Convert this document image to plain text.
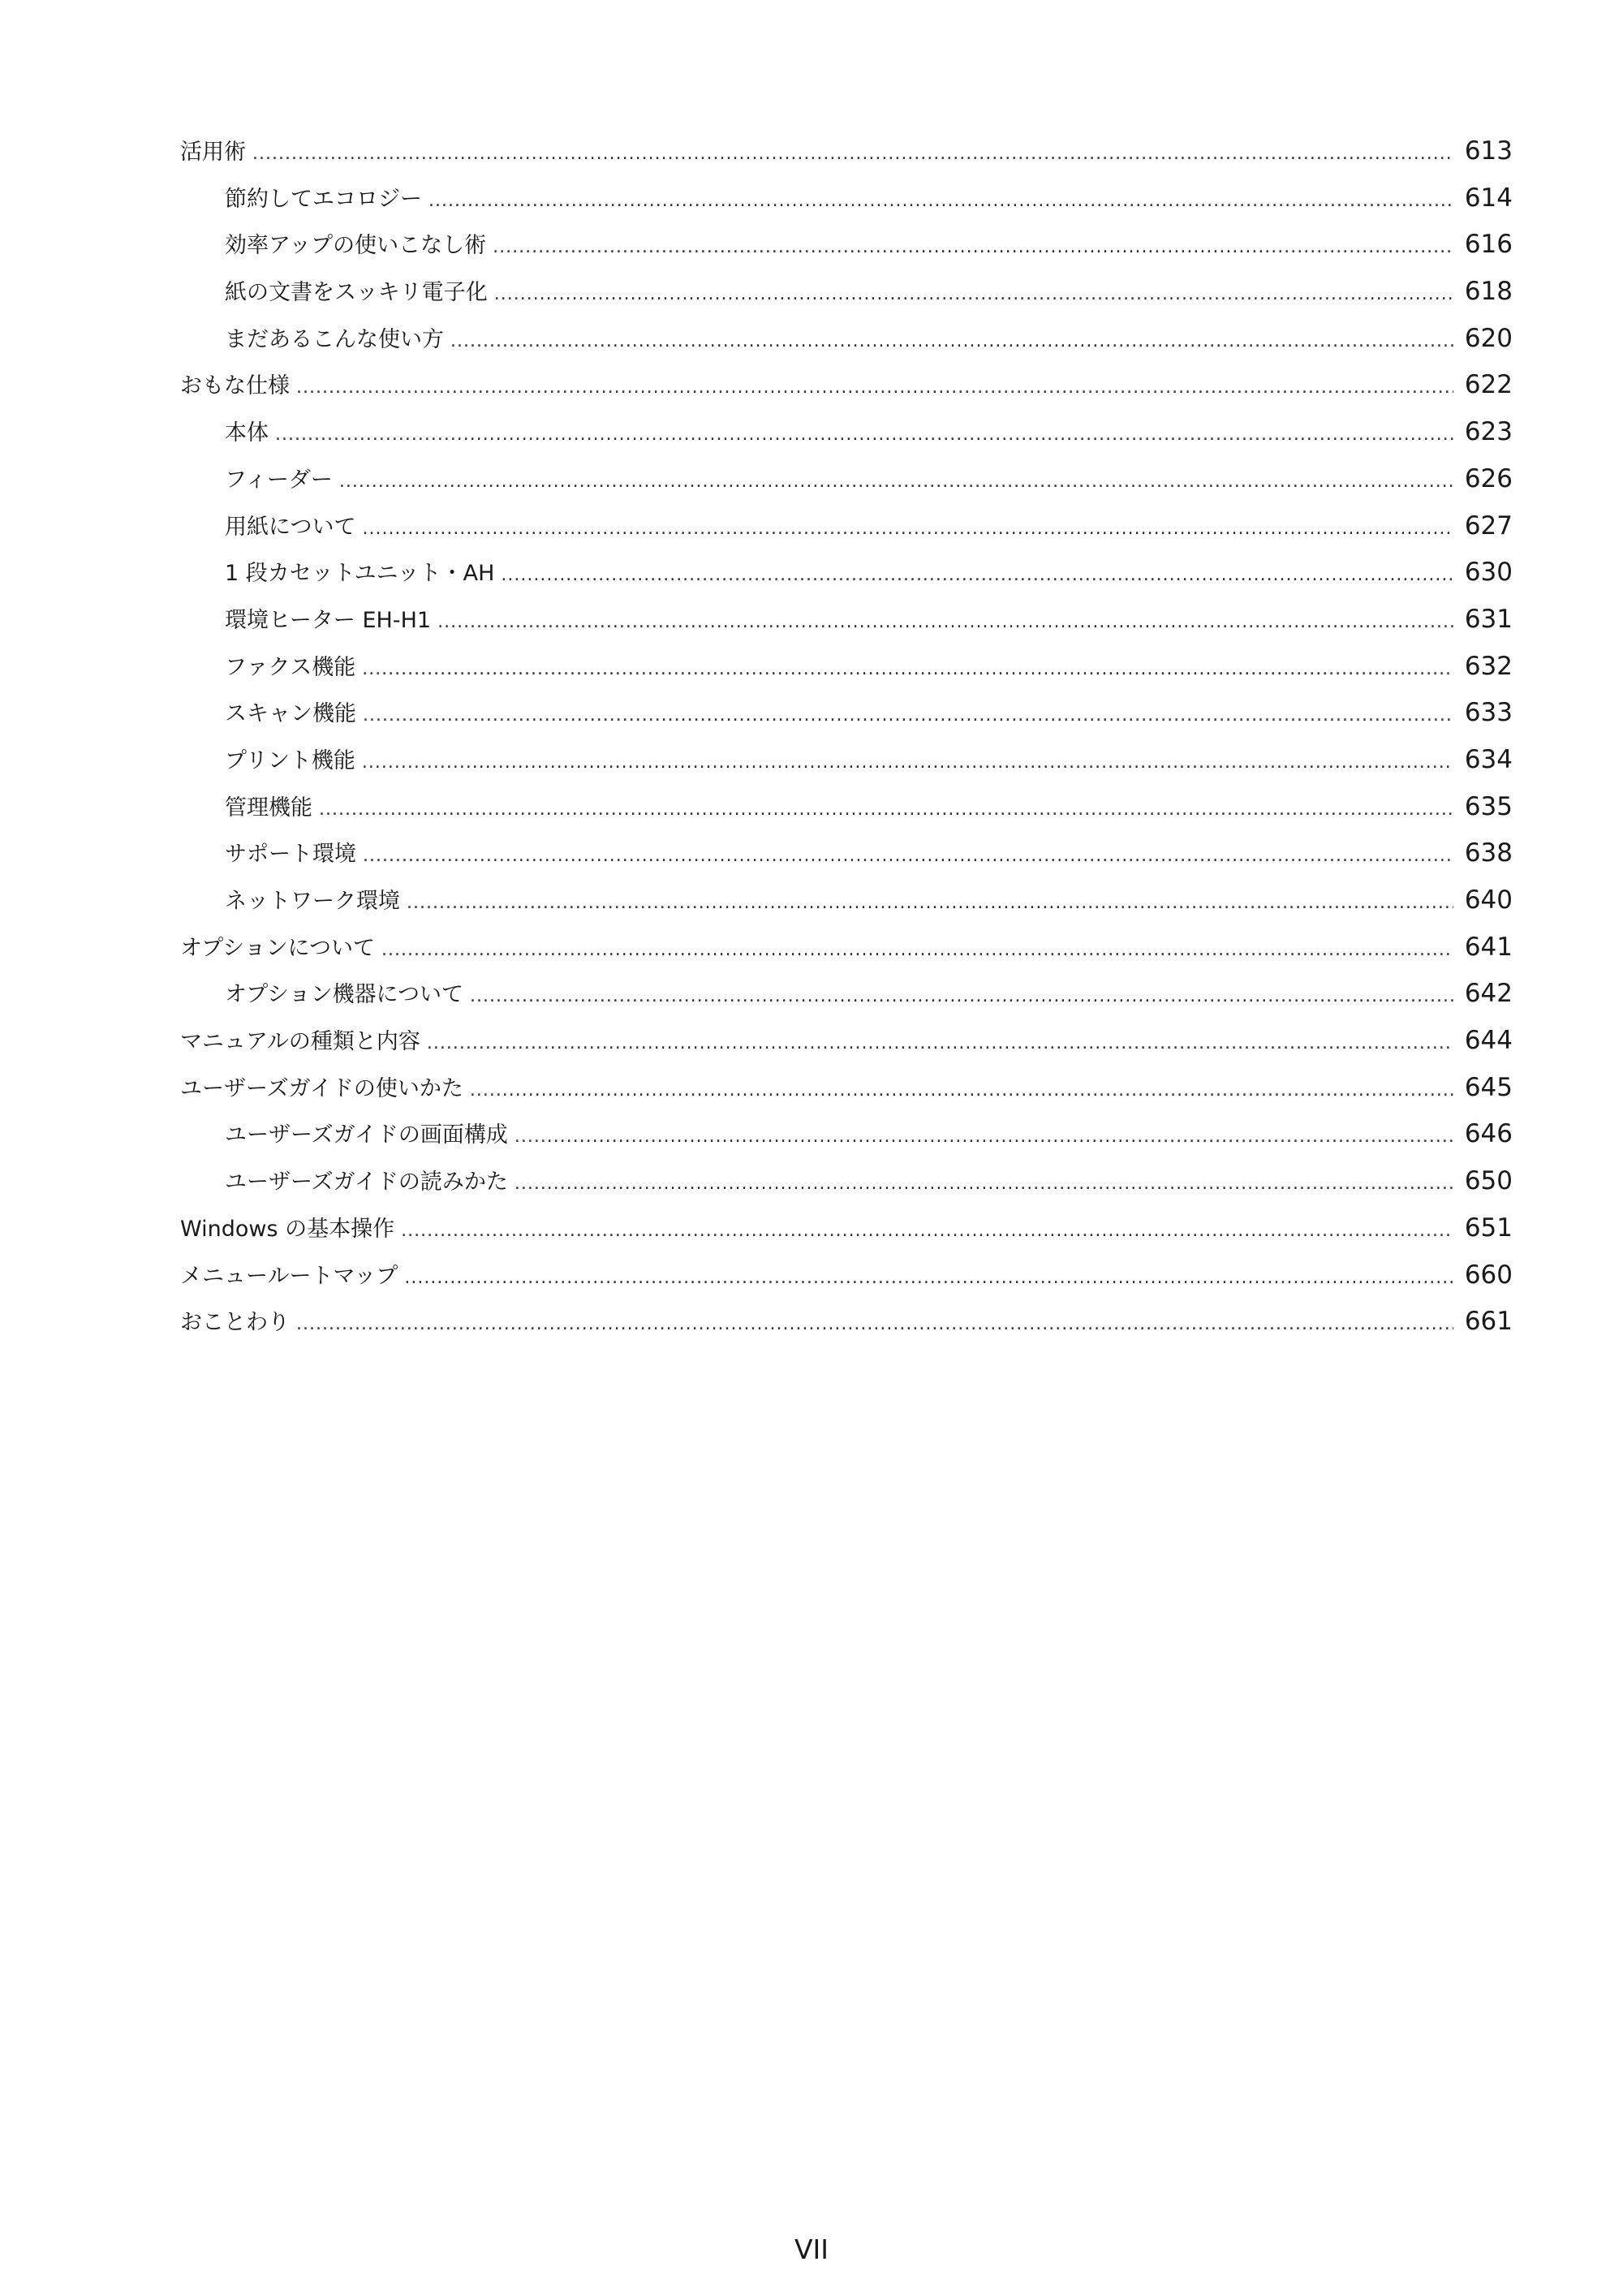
活用術 .....	613
節約してエコロジー .....	614
効率アップの使いこなし術 .....	616
紙の文書をスッキリ電子化 .....	618
まだあるこんな使い方 .....	620
おもな仕様 .....	622
本体 .....	623
フィーダー .....	626
用紙について .....	627
1 段カセットユニット・AH .....	630
環境ヒーター EH-H1 .....	631
ファクス機能 .....	632
スキャン機能 .....	633
プリント機能 .....	634
管理機能 .....	635
サポート環境 .....	638
ネットワーク環境 .....	640
オプションについて .....	641
オプション機器について .....	642
マニュアルの種類と内容 .....	644
ユーザーズガイドの使いかた .....	645
ユーザーズガイドの画面構成 .....	646
ユーザーズガイドの読みかた .....	650
Windows の基本操作 .....	651
メニュールートマップ .....	660
おことわり .....	661
VII
